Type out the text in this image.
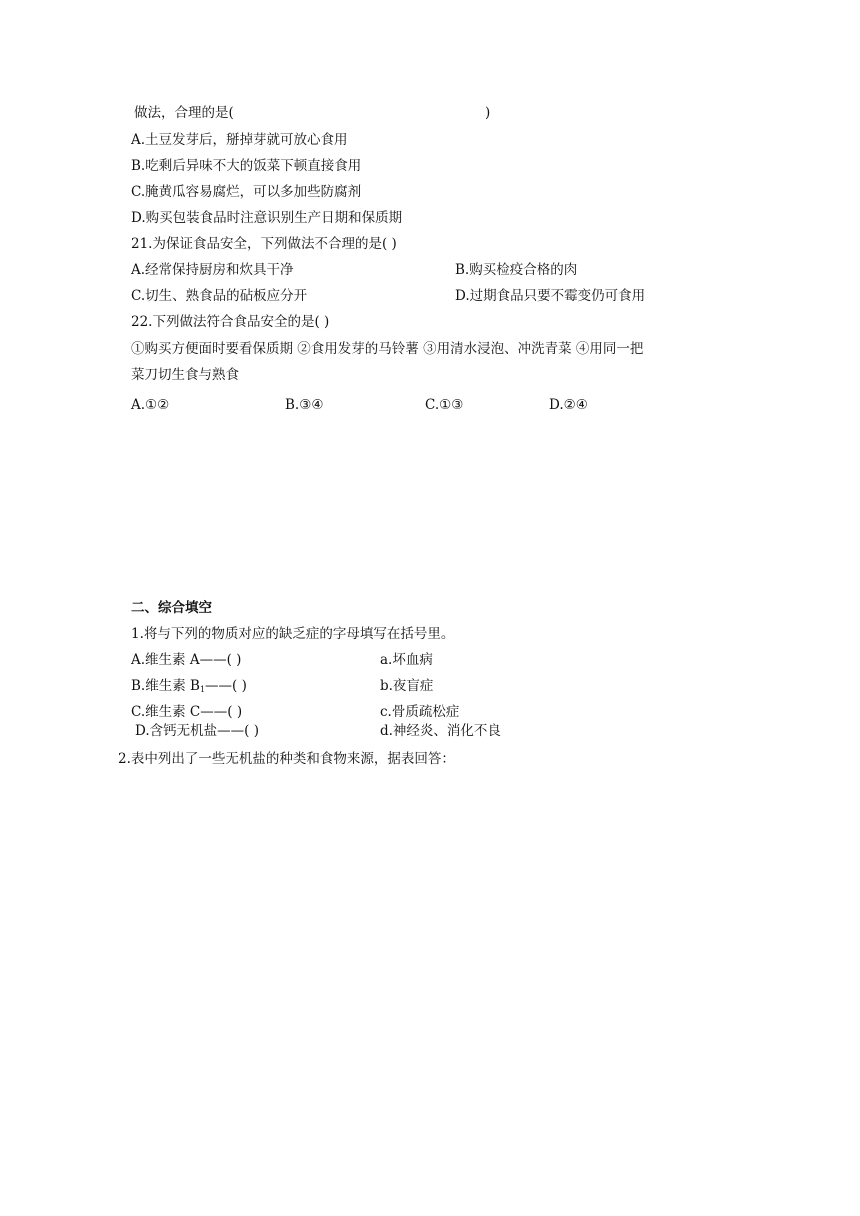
做法，合理的是(	)
A.土豆发芽后，掰掉芽就可放心食用
B.吃剩后异味不大的饭菜下顿直接食用
C.腌黄瓜容易腐烂，可以多加些防腐剂
D.购买包装食品时注意识别生产日期和保质期
21.为保证食品安全，下列做法不合理的是( )
A.经常保持厨房和炊具干净	B.购买检疫合格的肉
C.切生、熟食品的砧板应分开	D.过期食品只要不霉变仍可食用
22.下列做法符合食品安全的是( )
①购买方便面时要看保质期 ②食用发芽的马铃薯 ③用清水浸泡、冲洗青菜 ④用同一把
菜刀切生食与熟食
A.①②	B.③④	C.①③	D.②④
二、综合填空
1.将与下列的物质对应的缺乏症的字母填写在括号里。
A.维生素 A——( )	a.坏血病
B.维生素 $B_1——$( )	b.夜盲症
C.维生素 C——( )	c.骨质疏松症
D.含钙无机盐——( )	d.神经炎、消化不良
2.表中列出了一些无机盐的种类和食物来源，据表回答：
